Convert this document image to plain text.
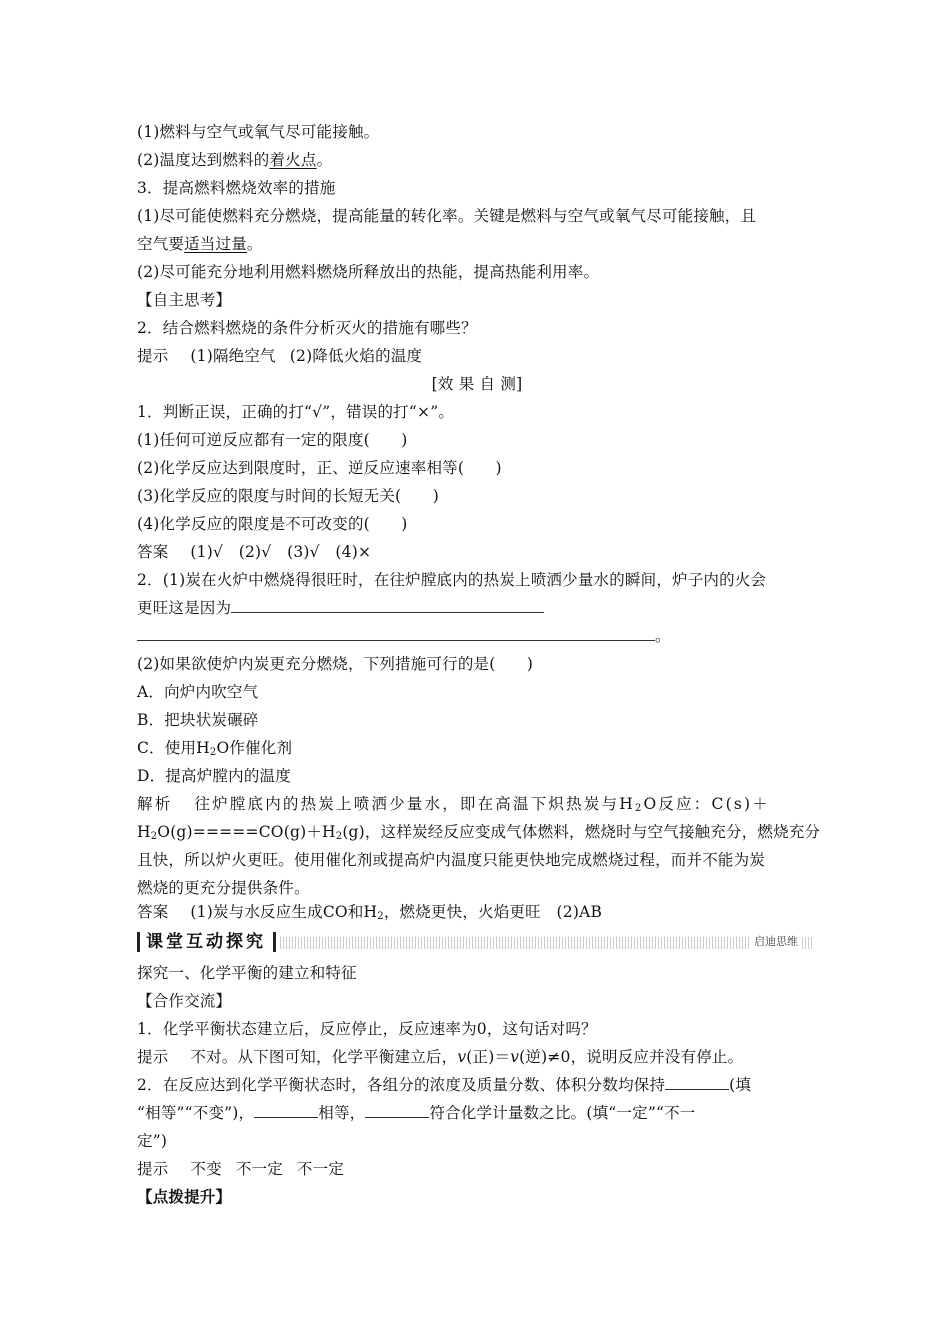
(1)燃料与空气或氧气尽可能接触。
(2)温度达到燃料的着火点。
3．提高燃料燃烧效率的措施
(1)尽可能使燃料充分燃烧，提高能量的转化率。关键是燃料与空气或氧气尽可能接触，且
空气要适当过量。
(2)尽可能充分地利用燃料燃烧所释放出的热能，提高热能利用率。
【自主思考】
2．结合燃料燃烧的条件分析灭火的措施有哪些？
提示 (1)隔绝空气 (2)降低火焰的温度
[效 果 自 测]
1．判断正误，正确的打“√”，错误的打“×”。
(1)任何可逆反应都有一定的限度(　　)
(2)化学反应达到限度时，正、逆反应速率相等(　　)
(3)化学反应的限度与时间的长短无关(　　)
(4)化学反应的限度是不可改变的(　　)
答案 (1)√　(2)√　(3)√　(4)×
2．(1)炭在火炉中燃烧得很旺时，在往炉膛底内的热炭上喷洒少量水的瞬间，炉子内的火会
更旺这是因为
。
(2)如果欲使炉内炭更充分燃烧，下列措施可行的是(　　)
A．向炉内吹空气
B．把块状炭碾碎
C．使用$H_2O$作催化剂
D．提高炉膛内的温度
解析 往炉膛底内的热炭上喷洒少量水，即在高温下炽热炭与$H_2O$反应：C(s)＋
$H_2O(g)=====CO(g)+H_2(g)$，这样炭经反应变成气体燃料，燃烧时与空气接触充分，燃烧充分
且快，所以炉火更旺。使用催化剂或提高炉内温度只能更快地完成燃烧过程，而并不能为炭
燃烧的更充分提供条件。
答案 (1)炭与水反应生成CO和$H_2$，燃烧更快，火焰更旺　(2)AB
课堂互动探究	启迪思维
探究一、化学平衡的建立和特征
【合作交流】
1．化学平衡状态建立后，反应停止，反应速率为0，这句话对吗？
提示 不对。从下图可知，化学平衡建立后，v(正)＝v(逆)≠0，说明反应并没有停止。
2．在反应达到化学平衡状态时，各组分的浓度及质量分数、体积分数均保持	(填
“相等”“不变”)，	相等，	符合化学计量数之比。(填“一定”“不一
定”)
提示 不变 不一定 不一定
【点拨提升】
